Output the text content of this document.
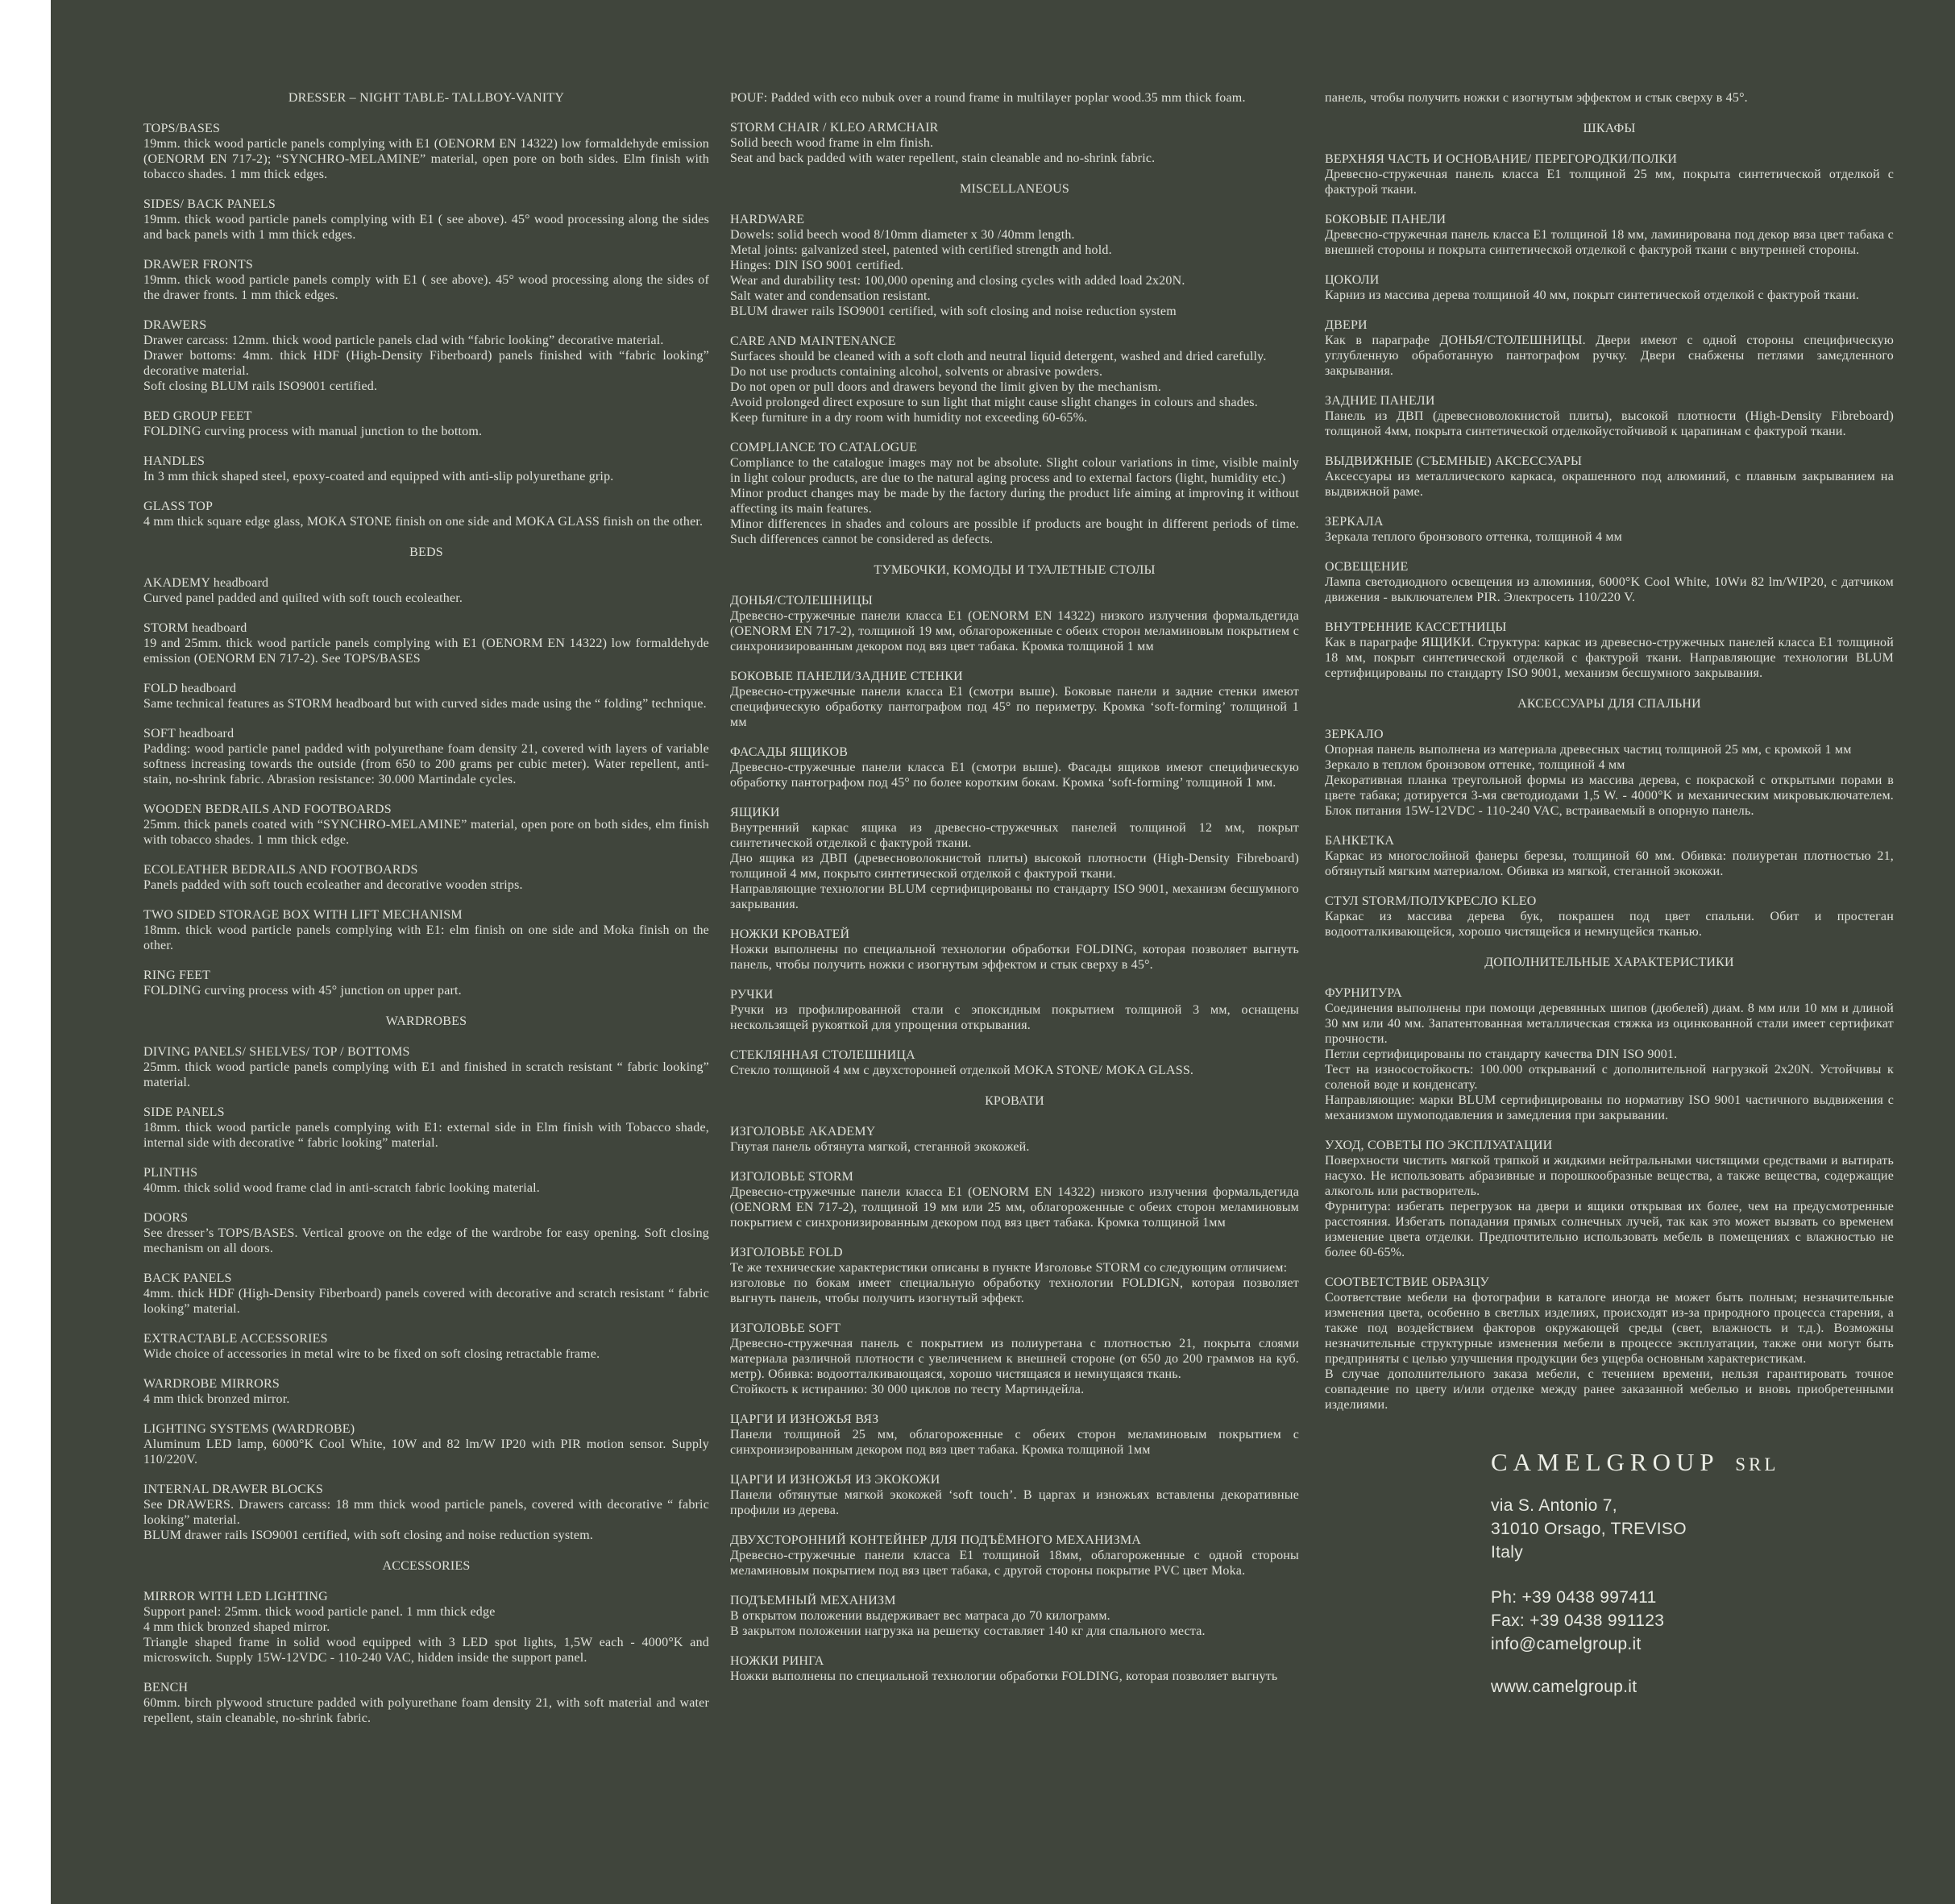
DRESSER – NIGHT TABLE- TALLBOY-VANITY
TOPS/BASES
19mm. thick wood particle panels complying with E1 (OENORM EN 14322) low formaldehyde emission (OENORM EN 717-2); “SYNCHRO-MELAMINE” material, open pore on both sides. Elm finish with tobacco shades. 1 mm thick edges.
SIDES/ BACK PANELS
19mm. thick wood particle panels complying with E1 ( see above). 45° wood processing along the sides and back panels with 1 mm thick edges.
DRAWER FRONTS
19mm. thick wood particle panels comply with E1 ( see above). 45° wood processing along the sides of the drawer fronts. 1 mm thick edges.
DRAWERS
Drawer carcass: 12mm. thick wood particle panels clad with “fabric looking” decorative material.
Drawer bottoms: 4mm. thick HDF (High-Density Fiberboard) panels finished with “fabric looking” decorative material.
Soft closing BLUM rails ISO9001 certified.
BED GROUP FEET
FOLDING curving process with manual junction to the bottom.
HANDLES
In 3 mm thick shaped steel, epoxy-coated and equipped with anti-slip polyurethane grip.
GLASS TOP
4 mm thick square edge glass, MOKA STONE finish on one side and MOKA GLASS finish on the other.
BEDS
AKADEMY headboard
Curved panel padded and quilted with soft touch ecoleather.
STORM headboard
19 and 25mm. thick wood particle panels complying with E1 (OENORM EN 14322) low formaldehyde emission (OENORM EN 717-2). See TOPS/BASES
FOLD headboard
Same technical features as STORM headboard but with curved sides made using the “ folding” technique.
SOFT headboard
Padding: wood particle panel padded with polyurethane foam density 21, covered with layers of variable softness increasing towards the outside (from 650 to 200 grams per cubic meter). Water repellent, anti-stain, no-shrink fabric. Abrasion resistance: 30.000 Martindale cycles.
WOODEN BEDRAILS AND FOOTBOARDS
25mm. thick panels coated with “SYNCHRO-MELAMINE” material, open pore on both sides, elm finish with tobacco shades. 1 mm thick edge.
ECOLEATHER BEDRAILS AND FOOTBOARDS
Panels padded with soft touch ecoleather and decorative wooden strips.
TWO SIDED STORAGE BOX WITH LIFT MECHANISM
18mm. thick wood particle panels complying with E1: elm finish on one side and Moka finish on the other.
RING FEET
FOLDING curving process with 45° junction on upper part.
WARDROBES
DIVING PANELS/ SHELVES/ TOP / BOTTOMS
25mm. thick wood particle panels complying with E1 and finished in scratch resistant “ fabric looking” material.
SIDE PANELS
18mm. thick wood particle panels complying with E1: external side in Elm finish with Tobacco shade, internal side with decorative “ fabric looking” material.
PLINTHS
40mm. thick solid wood frame clad in anti-scratch fabric looking material.
DOORS
See dresser’s TOPS/BASES. Vertical groove on the edge of the wardrobe for easy opening. Soft closing mechanism on all doors.
BACK PANELS
4mm. thick HDF (High-Density Fiberboard) panels covered with decorative and scratch resistant “ fabric looking” material.
EXTRACTABLE ACCESSORIES
Wide choice of accessories in metal wire to be fixed on soft closing retractable frame.
WARDROBE MIRRORS
4 mm thick bronzed mirror.
LIGHTING SYSTEMS (WARDROBE)
Aluminum LED lamp, 6000°K Cool White, 10W and 82 lm/W IP20 with PIR motion sensor. Supply 110/220V.
INTERNAL DRAWER BLOCKS
See DRAWERS. Drawers carcass: 18 mm thick wood particle panels, covered with decorative “ fabric looking” material.
BLUM drawer rails ISO9001 certified, with soft closing and noise reduction system.
ACCESSORIES
MIRROR WITH LED LIGHTING
Support panel: 25mm. thick wood particle panel. 1 mm thick edge
4 mm thick bronzed shaped mirror.
Triangle shaped frame in solid wood equipped with 3 LED spot lights, 1,5W each - 4000°K and microswitch. Supply 15W-12VDC - 110-240 VAC, hidden inside the support panel.
BENCH
60mm. birch plywood structure padded with polyurethane foam density 21, with soft material and water repellent, stain cleanable, no-shrink fabric.
POUF: Padded with eco nubuk over a round frame in multilayer poplar wood.35 mm thick foam.
STORM CHAIR / KLEO ARMCHAIR
Solid beech wood frame in elm finish.
Seat and back padded with water repellent, stain cleanable and no-shrink fabric.
MISCELLANEOUS
HARDWARE
Dowels: solid beech wood 8/10mm diameter x 30 /40mm length.
Metal joints: galvanized steel, patented with certified strength and hold.
Hinges: DIN ISO 9001 certified.
Wear and durability test: 100,000 opening and closing cycles with added load 2x20N.
Salt water and condensation resistant.
BLUM drawer rails ISO9001 certified, with soft closing and noise reduction system
CARE AND MAINTENANCE
Surfaces should be cleaned with a soft cloth and neutral liquid detergent, washed and dried carefully.
Do not use products containing alcohol, solvents or abrasive powders.
Do not open or pull doors and drawers beyond the limit given by the mechanism.
Avoid prolonged direct exposure to sun light that might cause slight changes in colours and shades.
Keep furniture in a dry room with humidity not exceeding 60-65%.
COMPLIANCE TO CATALOGUE
Compliance to the catalogue images may not be absolute. Slight colour variations in time, visible mainly in light colour products, are due to the natural aging process and to external factors (light, humidity etc.)
Minor product changes may be made by the factory during the product life aiming at improving it without affecting its main features.
Minor differences in shades and colours are possible if products are bought in different periods of time. Such differences cannot be considered as defects.
ТУМБОЧКИ, КОМОДЫ И ТУАЛЕТНЫЕ СТОЛЫ
ДОНЬЯ/СТОЛЕШНИЦЫ
Древесно-стружечные панели класса Е1 (OENORM EN 14322) низкого излучения формальдегида (OENORM EN 717-2), толщиной 19 мм, облагороженные с обеих сторон меламиновым покрытием с синхронизированным декором под вяз цвет табака. Кромка толщиной 1 мм
БОКОВЫЕ ПАНЕЛИ/ЗАДНИЕ СТЕНКИ
Древесно-стружечные панели класса Е1 (смотри выше). Боковые панели и задние стенки имеют специфическую обработку пантографом под 45° по периметру. Кромка ‘soft-forming’ толщиной 1 мм
ФАСАДЫ ЯЩИКОВ
Древесно-стружечные панели класса Е1 (смотри выше). Фасады ящиков имеют специфическую обработку пантографом под 45° по более коротким бокам. Кромка ‘soft-forming’ толщиной 1 мм.
ЯЩИКИ
Внутренний каркас ящика из древесно-стружечных панелей толщиной 12 мм, покрыт синтетической отделкой с фактурой ткани.
Дно ящика из ДВП (древесноволокнистой плиты) высокой плотности (High-Density Fibreboard) толщиной 4 мм, покрыто синтетической отделкой с фактурой ткани.
Направляющие технологии BLUM сертифицированы по стандарту ISO 9001, механизм бесшумного закрывания.
НОЖКИ КРОВАТЕЙ
Ножки выполнены по специальной технологии обработки FOLDING, которая позволяет выгнуть панель, чтобы получить ножки с изогнутым эффектом и стык сверху в 45°.
РУЧКИ
Ручки из профилированной стали с эпоксидным покрытием толщиной 3 мм, оснащены нескользящей рукояткой для упрощения открывания.
СТЕКЛЯННАЯ СТОЛЕШНИЦА
Стекло толщиной 4 мм с двухсторонней отделкой MOKA STONE/ MOKA GLASS.
КРОВАТИ
ИЗГОЛОВЬЕ AKADEMY
Гнутая панель обтянута мягкой, стеганной экокожей.
ИЗГОЛОВЬЕ STORM
Древесно-стружечные панели класса Е1 (OENORM EN 14322) низкого излучения формальдегида (OENORM EN 717-2), толщиной 19 мм или 25 мм, облагороженные с обеих сторон меламиновым покрытием с синхронизированным декором под вяз цвет табака. Кромка толщиной 1мм
ИЗГОЛОВЬЕ FOLD
Те же технические характеристики описаны в пункте Изголовье STORM со следующим отличием:
изголовье по бокам имеет специальную обработку технологии FOLDIGN, которая позволяет выгнуть панель, чтобы получить изогнутый эффект.
ИЗГОЛОВЬЕ SOFT
Древесно-стружечная панель с покрытием из полиуретана с плотностью 21, покрыта слоями материала различной плотности с увеличением к внешней стороне (от 650 до 200 граммов на куб. метр). Обивка: водоотталкивающаяся, хорошо чистящаяся и немнущаяся ткань.
Стойкость к истиранию: 30 000 циклов по тесту Мартиндейла.
ЦАРГИ И ИЗНОЖЬЯ ВЯЗ
Панели толщиной 25 мм, облагороженные с обеих сторон меламиновым покрытием с синхронизированным декором под вяз цвет табака. Кромка толщиной 1мм
ЦАРГИ И ИЗНОЖЬЯ ИЗ ЭКОКОЖИ
Панели обтянутые мягкой экокожей ‘soft touch’. В царгах и изножьях вставлены декоративные профили из дерева.
ДВУХСТОРОННИЙ КОНТЕЙНЕР ДЛЯ ПОДЪЁМНОГО МЕХАНИЗМА
Древесно-стружечные панели класса Е1 толщиной 18мм, облагороженные с одной стороны меламиновым покрытием под вяз цвет табака, с другой стороны покрытие PVC цвет Moka.
ПОДЪЕМНЫЙ МЕХАНИЗМ
В открытом положении выдерживает вес матраса до 70 килограмм.
В закрытом положении нагрузка на решетку составляет 140 кг для спального места.
НОЖКИ РИНГА
Ножки выполнены по специальной технологии обработки FOLDING, которая позволяет выгнуть
панель, чтобы получить ножки с изогнутым эффектом и стык сверху в 45°.
ШКАФЫ
ВЕРХНЯЯ ЧАСТЬ И ОСНОВАНИЕ/ ПЕРЕГОРОДКИ/ПОЛКИ
Древесно-стружечная панель класса Е1 толщиной 25 мм, покрыта синтетической отделкой с фактурой ткани.
БОКОВЫЕ ПАНЕЛИ
Древесно-стружечная панель класса Е1 толщиной 18 мм, ламинирована под декор вяза цвет табака с внешней стороны и покрыта синтетической отделкой с фактурой ткани с внутренней стороны.
ЦОКОЛИ
Карниз из массива дерева толщиной 40 мм, покрыт синтетической отделкой с фактурой ткани.
ДВЕРИ
Как в параграфе ДОНЬЯ/СТОЛЕШНИЦЫ. Двери имеют с одной стороны специфическую углубленную обработанную пантографом ручку. Двери снабжены петлями замедленного закрывания.
ЗАДНИЕ ПАНЕЛИ
Панель из ДВП (древесноволокнистой плиты), высокой плотности (High-Density Fibreboard) толщиной 4мм, покрыта синтетической отделкойустойчивой к царапинам с фактурой ткани.
ВЫДВИЖНЫЕ (СЪЕМНЫЕ) АКСЕССУАРЫ
Аксессуары из металлического каркаса, окрашенного под алюминий, с плавным закрыванием на выдвижной раме.
ЗЕРКАЛА
Зеркала теплого бронзового оттенка, толщиной 4 мм
ОСВЕЩЕНИЕ
Лампа светодиодного освещения из алюминия, 6000°K Cool White, 10Wи 82 lm/WIP20, с датчиком движения - выключателем PIR. Электросеть 110/220 V.
ВНУТРЕННИЕ КАССЕТНИЦЫ
Как в параграфе ЯЩИКИ. Структура: каркас из древесно-стружечных панелей класса Е1 толщиной 18 мм, покрыт синтетической отделкой с фактурой ткани. Направляющие технологии BLUM сертифицированы по стандарту ISO 9001, механизм бесшумного закрывания.
АКСЕССУАРЫ ДЛЯ СПАЛЬНИ
ЗЕРКАЛО
Опорная панель выполнена из материала древесных частиц толщиной 25 мм, с кромкой 1 мм
Зеркало в теплом бронзовом оттенке, толщиной 4 мм
Декоративная планка треугольной формы из массива дерева, с покраской с открытыми порами в цвете табака; дотируется 3-мя светодиодами 1,5 W. - 4000°K и механическим микровыключателем. Блок питания 15W-12VDC - 110-240 VAC, встраиваемый в опорную панель.
БАНКЕТКА
Каркас из многослойной фанеры березы, толщиной 60 мм. Обивка: полиуретан плотностью 21, обтянутый мягким материалом. Обивка из мягкой, стеганной экокожи.
СТУЛ STORM/ПОЛУКРЕСЛО KLEO
Каркас из массива дерева бук, покрашен под цвет спальни. Обит и простеган водоотталкивающейся, хорошо чистящейся и немнущейся тканью.
ДОПОЛНИТЕЛЬНЫЕ ХАРАКТЕРИСТИКИ
ФУРНИТУРА
Соединения выполнены при помощи деревянных шипов (дюбелей) диам. 8 мм или 10 мм и длиной 30 мм или 40 мм. Запатентованная металлическая стяжка из оцинкованной стали имеет сертификат прочности.
Петли сертифицированы по стандарту качества DIN ISO 9001.
Тест на износостойкость: 100.000 открываний с дополнительной нагрузкой 2x20N. Устойчивы к соленой воде и конденсату.
Направляющие: марки BLUM сертифицированы по нормативу ISO 9001 частичного выдвижения с механизмом шумоподавления и замедления при закрывании.
УХОД, СОВЕТЫ ПО ЭКСПЛУАТАЦИИ
Поверхности чистить мягкой тряпкой и жидкими нейтральными чистящими средствами и вытирать насухо. Не использовать абразивные и порошкообразные вещества, а также вещества, содержащие алкоголь или растворитель.
Фурнитура: избегать перегрузок на двери и ящики открывая их более, чем на предусмотренные расстояния. Избегать попадания прямых солнечных лучей, так как это может вызвать со временем изменение цвета отделки. Предпочтительно использовать мебель в помещениях с влажностью не более 60-65%.
СООТВЕТСТВИЕ ОБРАЗЦУ
Соответствие мебели на фотографии в каталоге иногда не может быть полным; незначительные изменения цвета, особенно в светлых изделиях, происходят из-за природного процесса старения, а также под воздействием факторов окружающей среды (свет, влажность и т.д.). Возможны незначительные структурные изменения мебели в процессе эксплуатации, также они могут быть предприняты с целью улучшения продукции без ущерба основным характеристикам.
В случае дополнительного заказа мебели, с течением времени, нельзя гарантировать точное совпадение по цвету и/или отделке между ранее заказанной мебелью и вновь приобретенными изделиями.
CAMELGROUP SRL
via S. Antonio 7,
31010 Orsago, TREVISO
Italy
Ph: +39 0438 997411
Fax: +39 0438 991123
info@camelgroup.it
www.camelgroup.it
